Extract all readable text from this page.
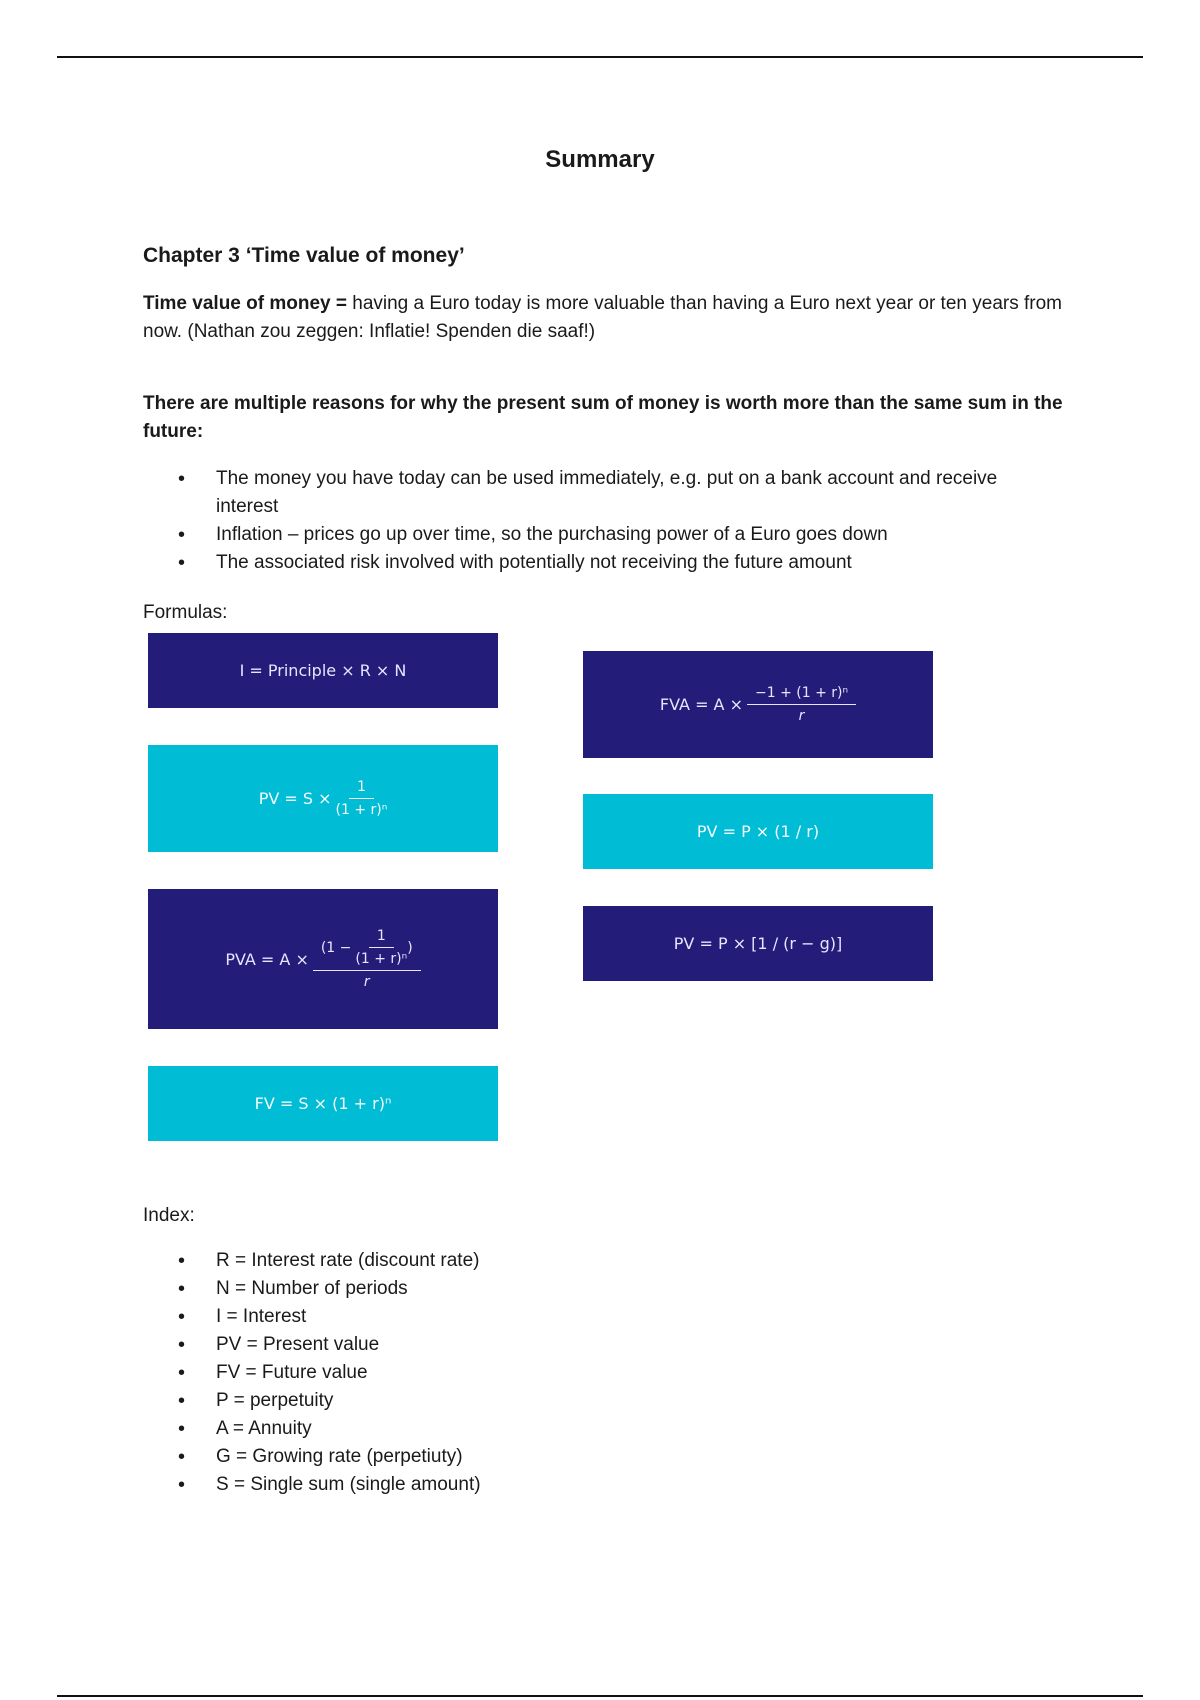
Summary
Chapter 3 ‘Time value of money’
Time value of money = having a Euro today is more valuable than having a Euro next year or ten years from now. (Nathan zou zeggen: Inflatie! Spenden die saaf!)
There are multiple reasons for why the present sum of money is worth more than the same sum in the future:
• The money you have today can be used immediately, e.g. put on a bank account and receive interest
• Inflation – prices go up over time, so the purchasing power of a Euro goes down
• The associated risk involved with potentially not receiving the future amount
Formulas:
I = Principle × R × N
PV = $S \times \frac{1}{\text{(1 + r)ⁿ}}$
PVA = $A \times \frac{(1 - \frac{1}{\text{(1 + r)ⁿ}} )}{r}$
FV = S × (1 + r)ⁿ
FVA = $A \times \frac{\text{−1 + (1 + r)ⁿ}}{r}$
PV = P × (1 / r)
PV = P × [1 / (r − g)]
Index:
• R = Interest rate (discount rate)
• N = Number of periods
• I = Interest
• PV = Present value
• FV = Future value
• P = perpetuity
• A = Annuity
• G = Growing rate (perpetiuty)
• S = Single sum (single amount)
